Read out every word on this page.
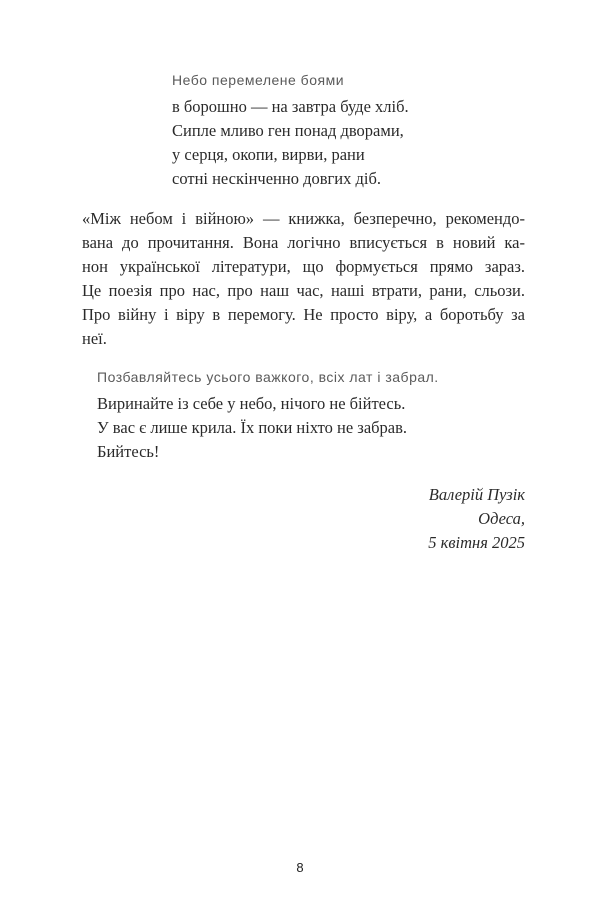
Небо перемелене боями
в борошно — на завтра буде хліб.
Сипле мливо ген понад дворами,
у серця, окопи, вирви, рани
сотні нескінченно довгих діб.
«Між небом і війною» — книжка, безперечно, рекомендо-
вана до прочитання. Вона логічно вписується в новий ка-
нон української літератури, що формується прямо зараз.
Це поезія про нас, про наш час, наші втрати, рани, сльози.
Про війну і віру в перемогу. Не просто віру, а боротьбу за
неї.
Позбавляйтесь усього важкого, всіх лат і забрал.
Виринайте із себе у небо, нічого не бійтесь.
У вас є лише крила. Їх поки ніхто не забрав.
Бийтесь!
Валерій Пузік
Одеса,
5 квітня 2025
8
